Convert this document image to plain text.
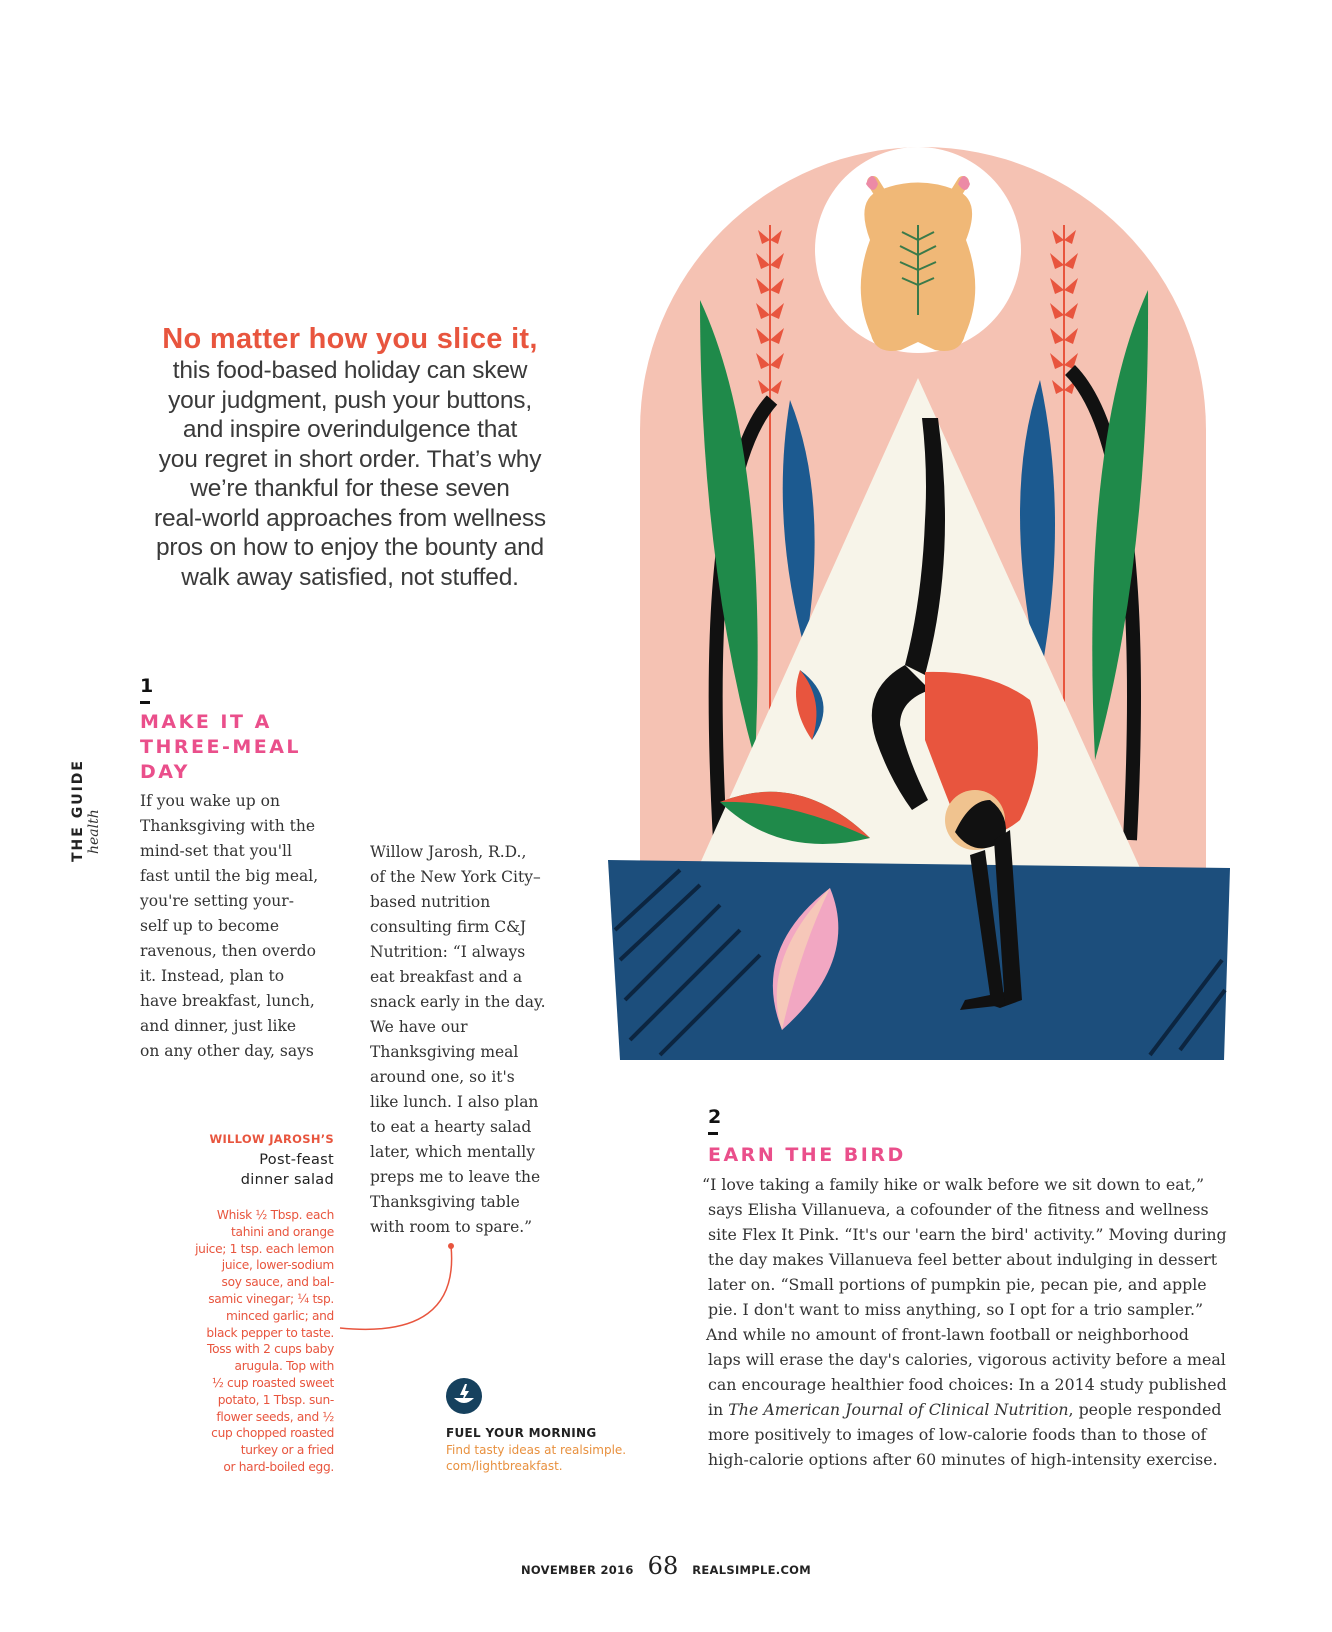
No matter how you slice it,
this food-based holiday can skew
your judgment, push your buttons,
and inspire overindulgence that
you regret in short order. That’s why
we’re thankful for these seven
real-world approaches from wellness
pros on how to enjoy the bounty and
walk away satisfied, not stuffed.
THE GUIDE health
1
MAKE IT A
THREE-MEAL
DAY
If you wake up on
Thanksgiving with the
mind-set that you'll
fast until the big meal,
you're setting your-
self up to become
ravenous, then overdo
it. Instead, plan to
have breakfast, lunch,
and dinner, just like
on any other day, says
Willow Jarosh, R.D.,
of the New York City–
based nutrition
consulting firm C&J
Nutrition: “I always
eat breakfast and a
snack early in the day.
We have our
Thanksgiving meal
around one, so it's
like lunch. I also plan
to eat a hearty salad
later, which mentally
preps me to leave the
Thanksgiving table
with room to spare.”
WILLOW JAROSH’S
Post-feast
dinner salad
Whisk ½ Tbsp. each
tahini and orange
juice; 1 tsp. each lemon
juice, lower-sodium
soy sauce, and bal-
samic vinegar; ¼ tsp.
minced garlic; and
black pepper to taste.
Toss with 2 cups baby
arugula. Top with
½ cup roasted sweet
potato, 1 Tbsp. sun-
flower seeds, and ½
cup chopped roasted
turkey or a fried
or hard-boiled egg.
FUEL YOUR MORNING
Find tasty ideas at realsimple.
com/lightbreakfast.
2
EARN THE BIRD
“I love taking a family hike or walk before we sit down to eat,”
says Elisha Villanueva, a cofounder of the fitness and wellness
site Flex It Pink. “It's our 'earn the bird' activity.” Moving during
the day makes Villanueva feel better about indulging in dessert
later on. “Small portions of pumpkin pie, pecan pie, and apple
pie. I don't want to miss anything, so I opt for a trio sampler.”
And while no amount of front-lawn football or neighborhood
laps will erase the day's calories, vigorous activity before a meal
can encourage healthier food choices: In a 2014 study published
in The American Journal of Clinical Nutrition, people responded
more positively to images of low-calorie foods than to those of
high-calorie options after 60 minutes of high-intensity exercise.
NOVEMBER 2016 68 REALSIMPLE.COM
